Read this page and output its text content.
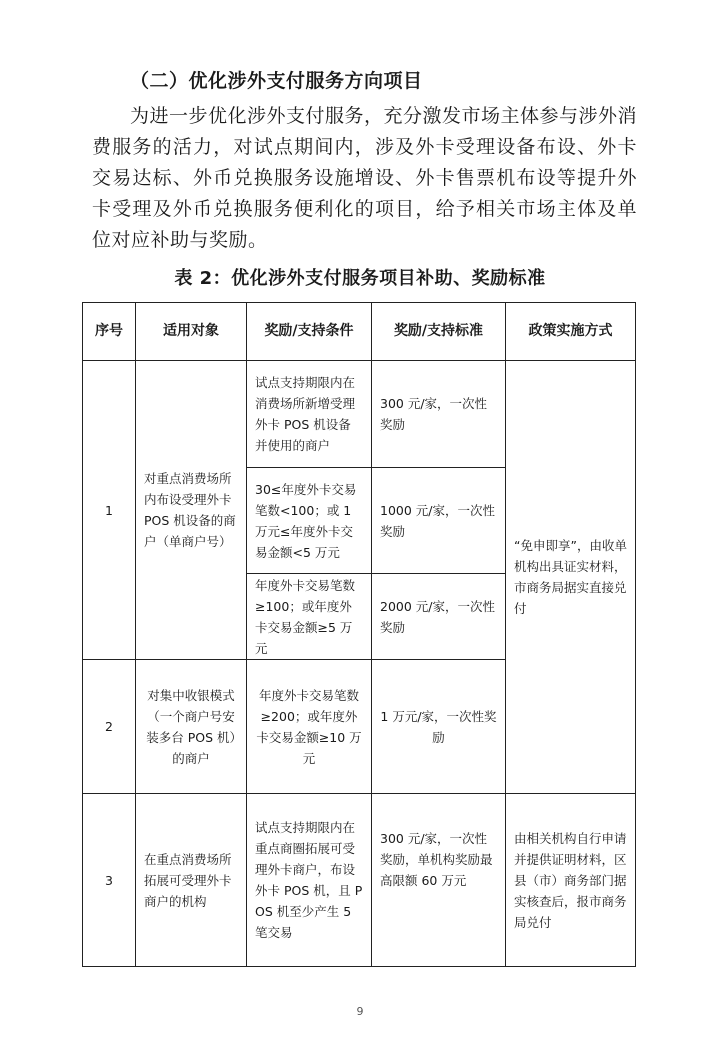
（二）优化涉外支付服务方向项目

为进一步优化涉外支付服务，充分激发市场主体参与涉外消费服务的活力，对试点期间内，涉及外卡受理设备布设、外卡交易达标、外币兑换服务设施增设、外卡售票机布设等提升外卡受理及外币兑换服务便利化的项目，给予相关市场主体及单位对应补助与奖励。

表 2：优化涉外支付服务项目补助、奖励标准
序号	适用对象	奖励/支持条件	奖励/支持标准	政策实施方式
1	对重点消费场所内布设受理外卡 POS 机设备的商户（单商户号）	试点支持期限内在消费场所新增受理外卡 POS 机设备并使用的商户	300 元/家，一次性奖励	“免申即享”，由收单机构出具证实材料，市商务局据实直接兑付
		30≤年度外卡交易笔数<100；或 1 万元≤年度外卡交易金额<5 万元	1000 元/家，一次性奖励	
		年度外卡交易笔数≥100；或年度外卡交易金额≥5 万元	2000 元/家，一次性奖励	
2	对集中收银模式（一个商户号安装多台 POS 机）的商户	年度外卡交易笔数≥200；或年度外卡交易金额≥10 万元	1 万元/家，一次性奖励	
3	在重点消费场所拓展可受理外卡商户的机构	试点支持期限内在重点商圈拓展可受理外卡商户，布设外卡 POS 机，且 POS 机至少产生 5 笔交易	300 元/家，一次性奖励，单机构奖励最高限额 60 万元	由相关机构自行申请并提供证明材料，区县（市）商务部门据实核查后，报市商务局兑付
9
